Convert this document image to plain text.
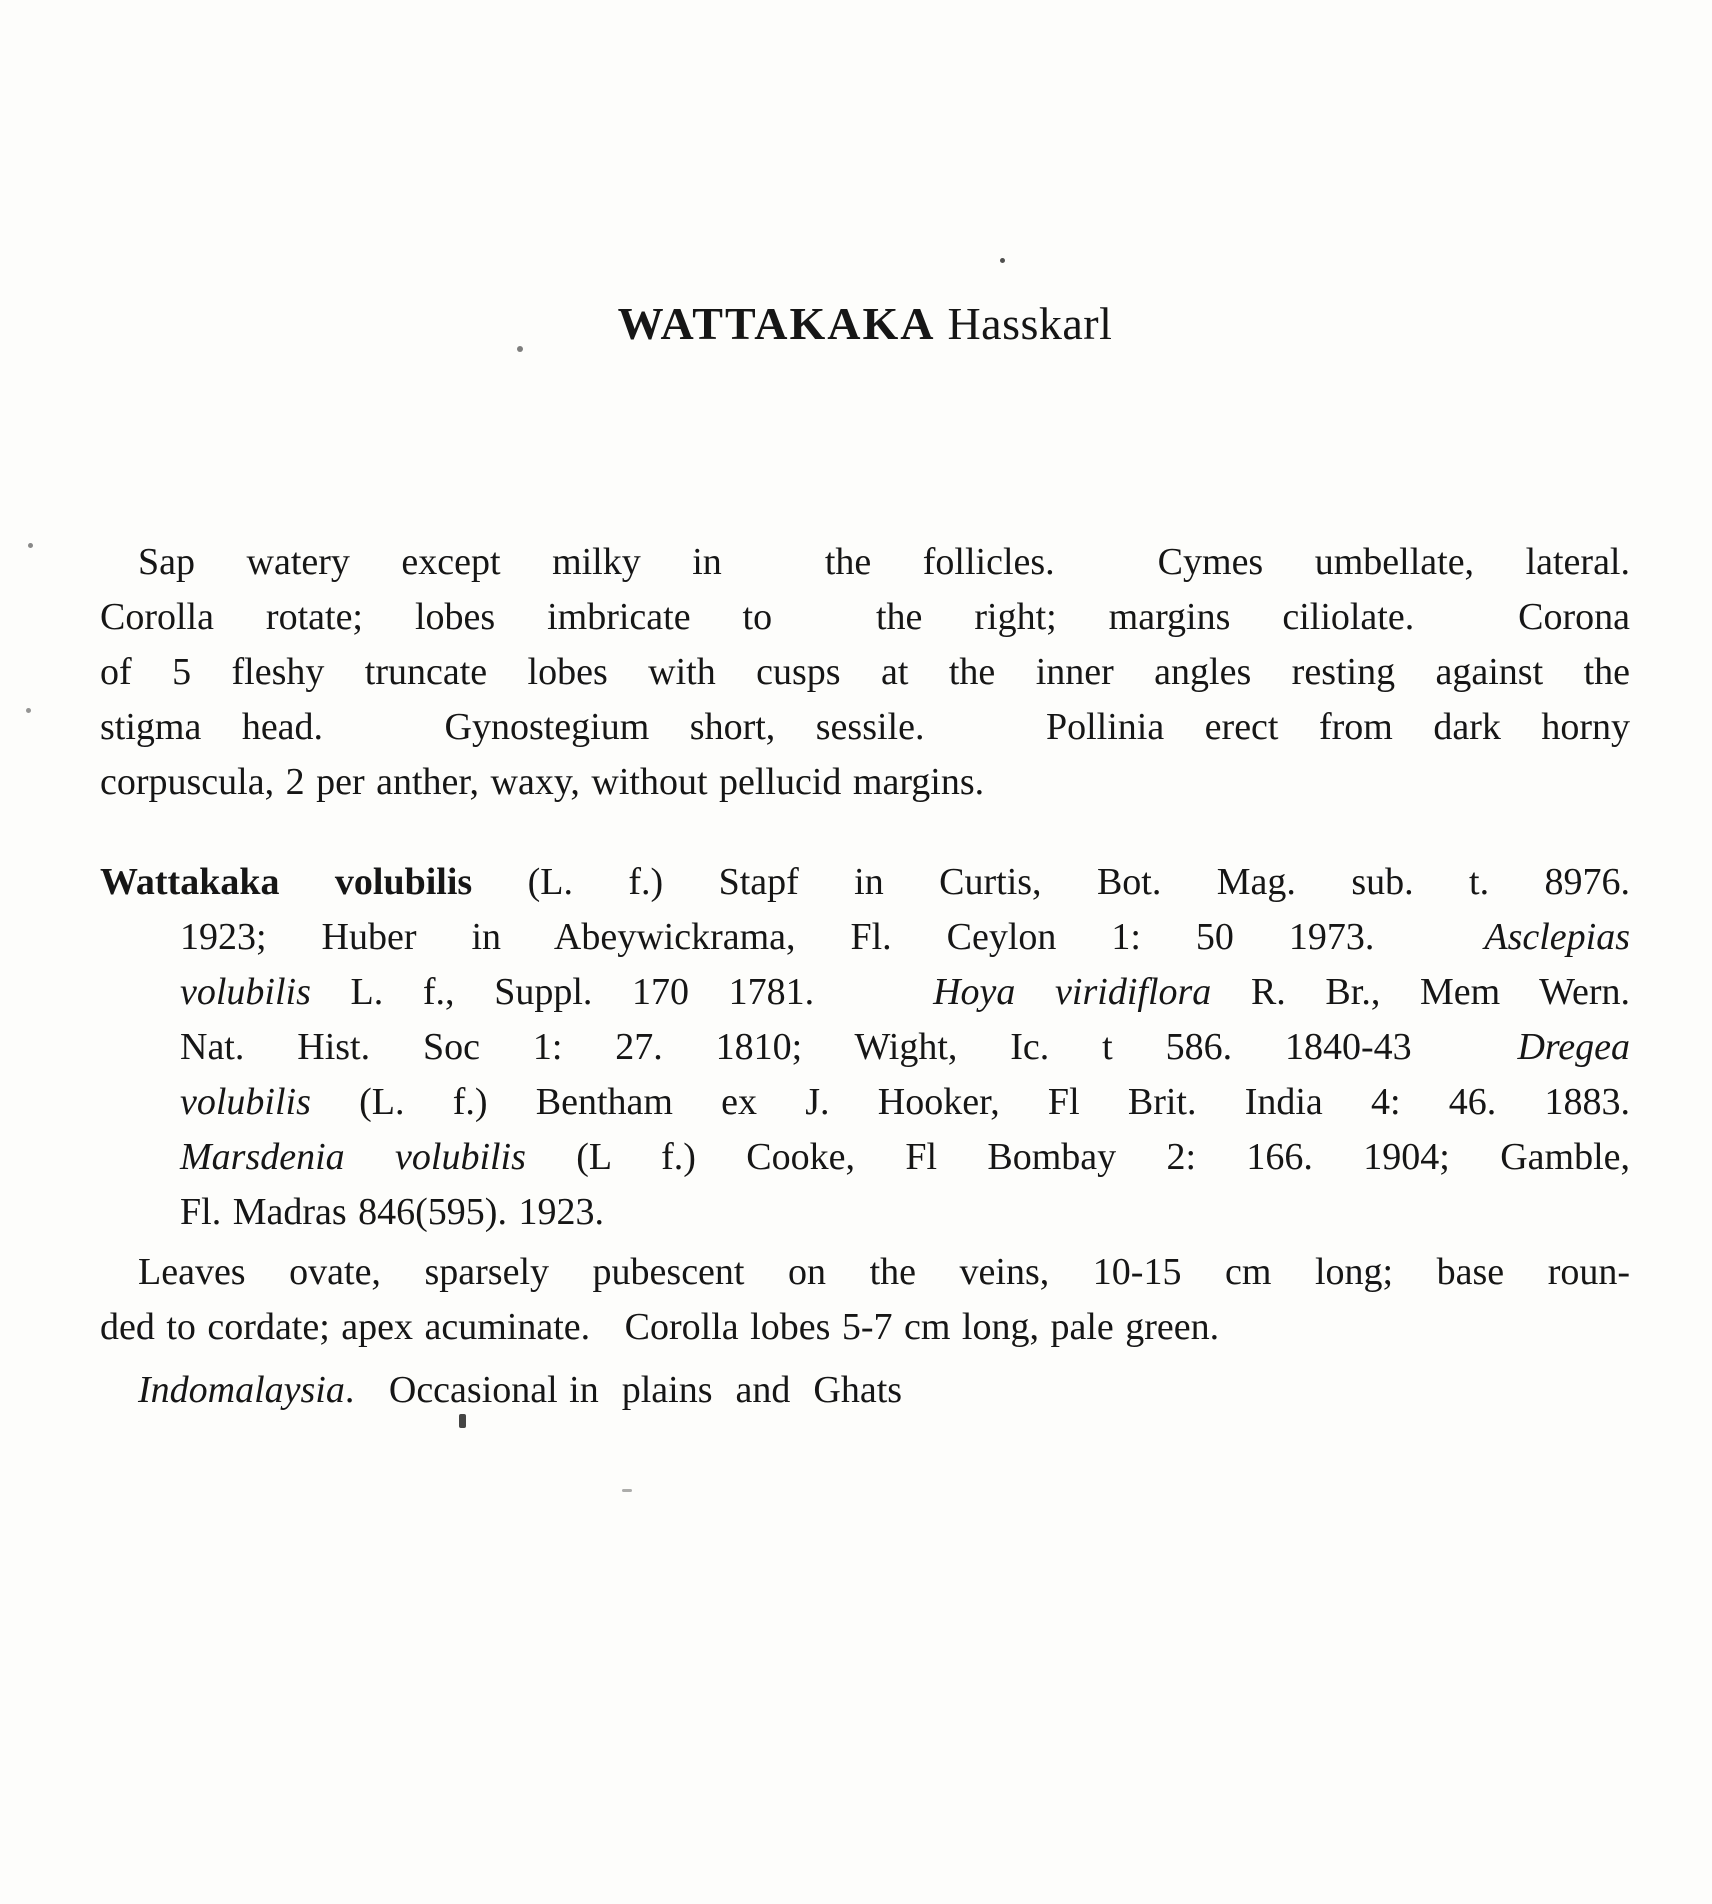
WATTAKAKA Hasskarl
Sap watery except milky in  the follicles.  Cymes umbellate, lateral.
Corolla rotate; lobes imbricate to  the right; margins ciliolate.  Corona
of 5 fleshy truncate lobes with cusps at the inner angles resting against the
stigma head.   Gynostegium short, sessile.   Pollinia erect from dark horny
corpuscula, 2 per anther, waxy, without pellucid margins.
Wattakaka volubilis (L. f.) Stapf in Curtis, Bot. Mag. sub. t. 8976.
1923; Huber in Abeywickrama, Fl. Ceylon 1: 50 1973.  Asclepias
volubilis L. f., Suppl. 170 1781.   Hoya viridiflora R. Br., Mem Wern.
Nat. Hist. Soc 1: 27. 1810; Wight, Ic. t 586. 1840-43  Dregea
volubilis (L. f.) Bentham ex J. Hooker, Fl Brit. India 4: 46. 1883.
Marsdenia volubilis (L f.) Cooke, Fl Bombay 2: 166. 1904; Gamble,
Fl. Madras 846(595). 1923.
Leaves ovate, sparsely pubescent on the veins, 10-15 cm long; base roun-
ded to cordate; apex acuminate.   Corolla lobes 5-7 cm long, pale green.
Indomalaysia.   Occasional in  plains  and  Ghats
